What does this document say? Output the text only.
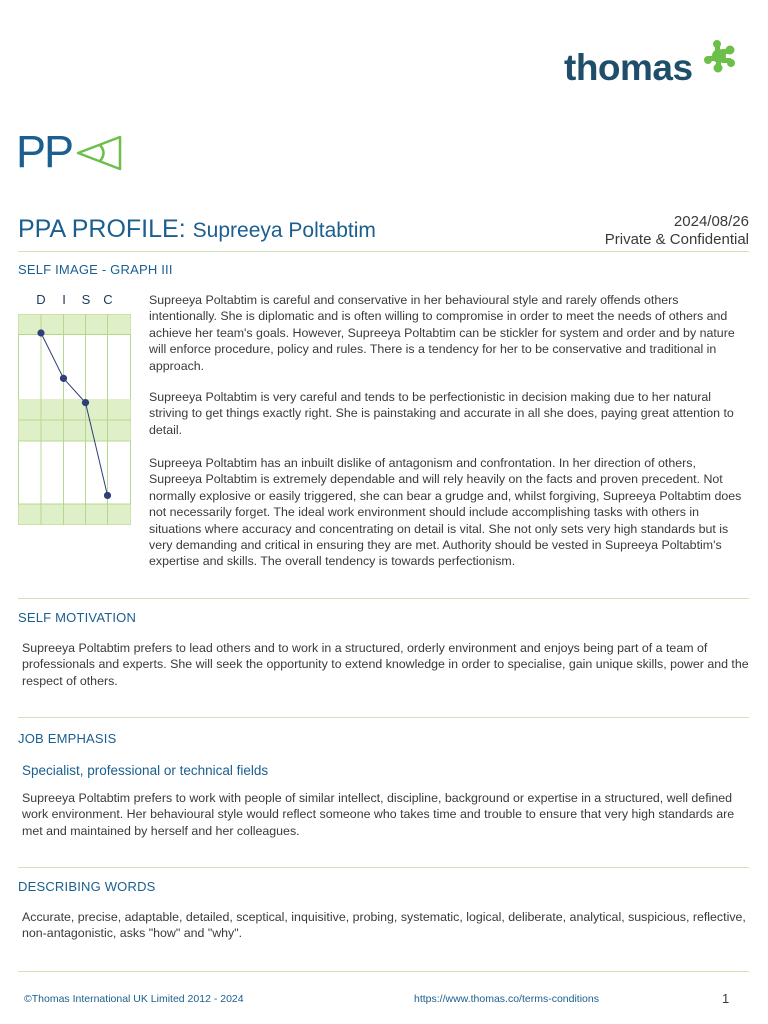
thomas
PP
PPA PROFILE: Supreeya Poltabtim	2024/08/26
Private & Confidential
SELF IMAGE - GRAPH III
D	I	S C	Supreeya Poltabtim is careful and conservative in her behavioural style and rarely offends others intentionally. She is diplomatic and is often willing to compromise in order to meet the needs of others and achieve her team's goals. However, Supreeya Poltabtim can be stickler for system and order and by nature will enforce procedure, policy and rules. There is a tendency for her to be conservative and traditional in approach.

Supreeya Poltabtim is very careful and tends to be perfectionistic in decision making due to her natural striving to get things exactly right. She is painstaking and accurate in all she does, paying great attention to detail.

Supreeya Poltabtim has an inbuilt dislike of antagonism and confrontation. In her direction of others, Supreeya Poltabtim is extremely dependable and will rely heavily on the facts and proven precedent. Not normally explosive or easily triggered, she can bear a grudge and, whilst forgiving, Supreeya Poltabtim does not necessarily forget. The ideal work environment should include accomplishing tasks with others in situations where accuracy and concentrating on detail is vital. She not only sets very high standards but is very demanding and critical in ensuring they are met. Authority should be vested in Supreeya Poltabtim's expertise and skills. The overall tendency is towards perfectionism.

SELF MOTIVATION

Supreeya Poltabtim prefers to lead others and to work in a structured, orderly environment and enjoys being part of a team of professionals and experts. She will seek the opportunity to extend knowledge in order to specialise, gain unique skills, power and the respect of others.

JOB EMPHASIS
Specialist, professional or technical fields

Supreeya Poltabtim prefers to work with people of similar intellect, discipline, background or expertise in a structured, well defined work environment. Her behavioural style would reflect someone who takes time and trouble to ensure that very high standards are met and maintained by herself and her colleagues.

DESCRIBING WORDS

Accurate, precise, adaptable, detailed, sceptical, inquisitive, probing, systematic, logical, deliberate, analytical, suspicious, reflective, non-antagonistic, asks "how" and "why".

©Thomas International UK Limited 2012 - 2024	https://www.thomas.co/terms-conditions	1
